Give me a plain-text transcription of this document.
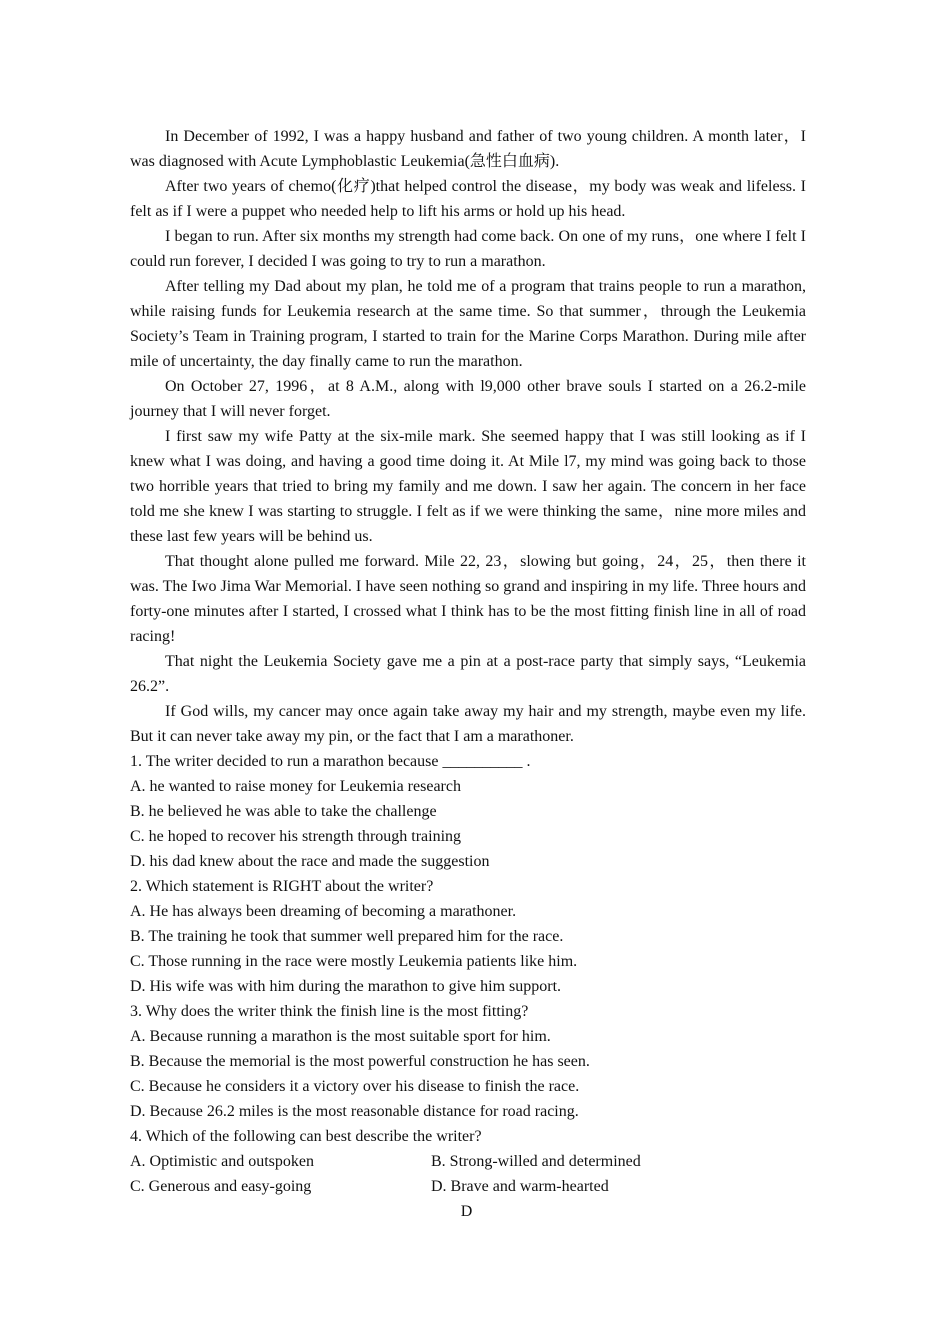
In December of 1992, I was a happy husband and father of two young children. A month later，I was diagnosed with Acute Lymphoblastic Leukemia(急性白血病).

After two years of chemo(化疗)that helped control the disease，my body was weak and lifeless. I felt as if I were a puppet who needed help to lift his arms or hold up his head.

I began to run. After six months my strength had come back. On one of my runs，one where I felt I could run forever, I decided I was going to try to run a marathon.

After telling my Dad about my plan, he told me of a program that trains people to run a marathon, while raising funds for Leukemia research at the same time. So that summer，through the Leukemia Society’s Team in Training program, I started to train for the Marine Corps Marathon. During mile after mile of uncertainty, the day finally came to run the marathon.

On October 27, 1996，at 8 A.M., along with l9,000 other brave souls I started on a 26.2-mile journey that I will never forget.

I first saw my wife Patty at the six-mile mark. She seemed happy that I was still looking as if I knew what I was doing, and having a good time doing it. At Mile l7, my mind was going back to those two horrible years that tried to bring my family and me down. I saw her again. The concern in her face told me she knew I was starting to struggle. I felt as if we were thinking the same，nine more miles and these last few years will be behind us.

That thought alone pulled me forward. Mile 22, 23，slowing but going，24，25，then there it was. The Iwo Jima War Memorial. I have seen nothing so grand and inspiring in my life. Three hours and forty-one minutes after I started, I crossed what I think has to be the most fitting finish line in all of road racing!

That night the Leukemia Society gave me a pin at a post-race party that simply says, “Leukemia 26.2”.

If God wills, my cancer may once again take away my hair and my strength, maybe even my life. But it can never take away my pin, or the fact that I am a marathoner.

1. The writer decided to run a marathon because __________ .

A. he wanted to raise money for Leukemia research

B. he believed he was able to take the challenge

C. he hoped to recover his strength through training

D. his dad knew about the race and made the suggestion

2. Which statement is RIGHT about the writer?

A. He has always been dreaming of becoming a marathoner.

B. The training he took that summer well prepared him for the race.

C. Those running in the race were mostly Leukemia patients like him.

D. His wife was with him during the marathon to give him support.

3. Why does the writer think the finish line is the most fitting?

A. Because running a marathon is the most suitable sport for him.

B. Because the memorial is the most powerful construction he has seen.

C. Because he considers it a victory over his disease to finish the race.

D. Because 26.2 miles is the most reasonable distance for road racing.

4. Which of the following can best describe the writer?

A. Optimistic and outspoken	B. Strong-willed and determined
C. Generous and easy-going	D. Brave and warm-hearted

D
